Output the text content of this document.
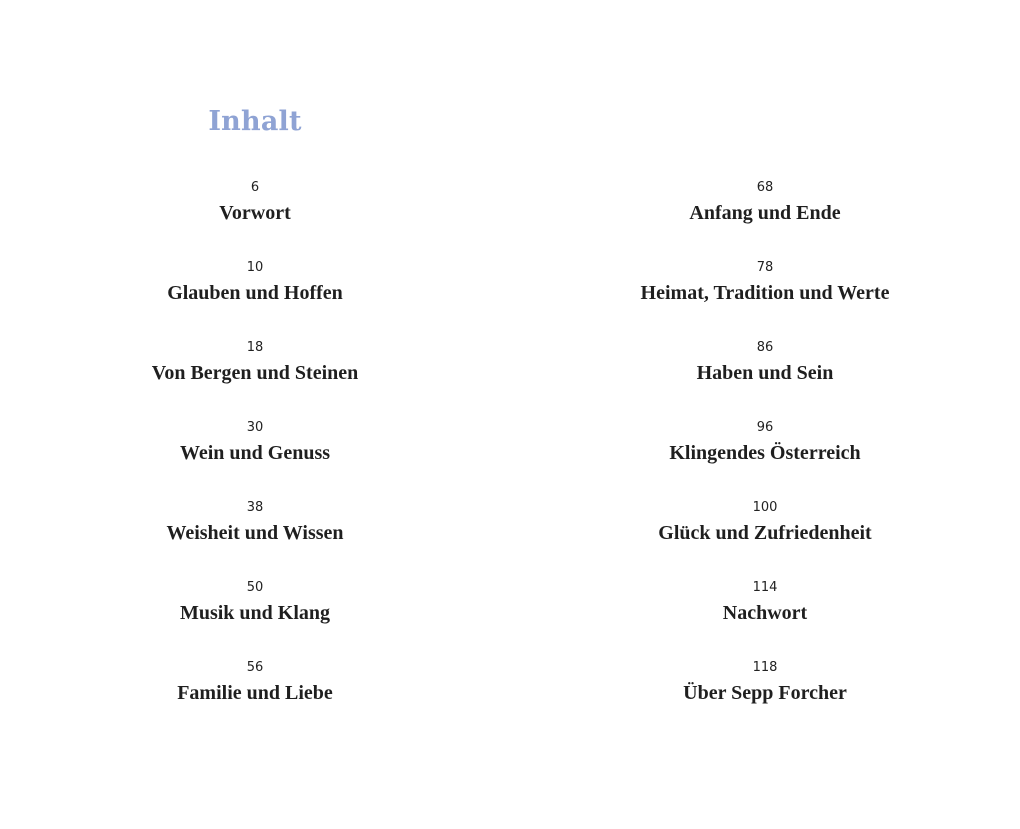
Inhalt
6
Vorwort
10
Glauben und Hoffen
18
Von Bergen und Steinen
30
Wein und Genuss
38
Weisheit und Wissen
50
Musik und Klang
56
Familie und Liebe
68
Anfang und Ende
78
Heimat, Tradition und Werte
86
Haben und Sein
96
Klingendes Österreich
100
Glück und Zufriedenheit
114
Nachwort
118
Über Sepp Forcher
